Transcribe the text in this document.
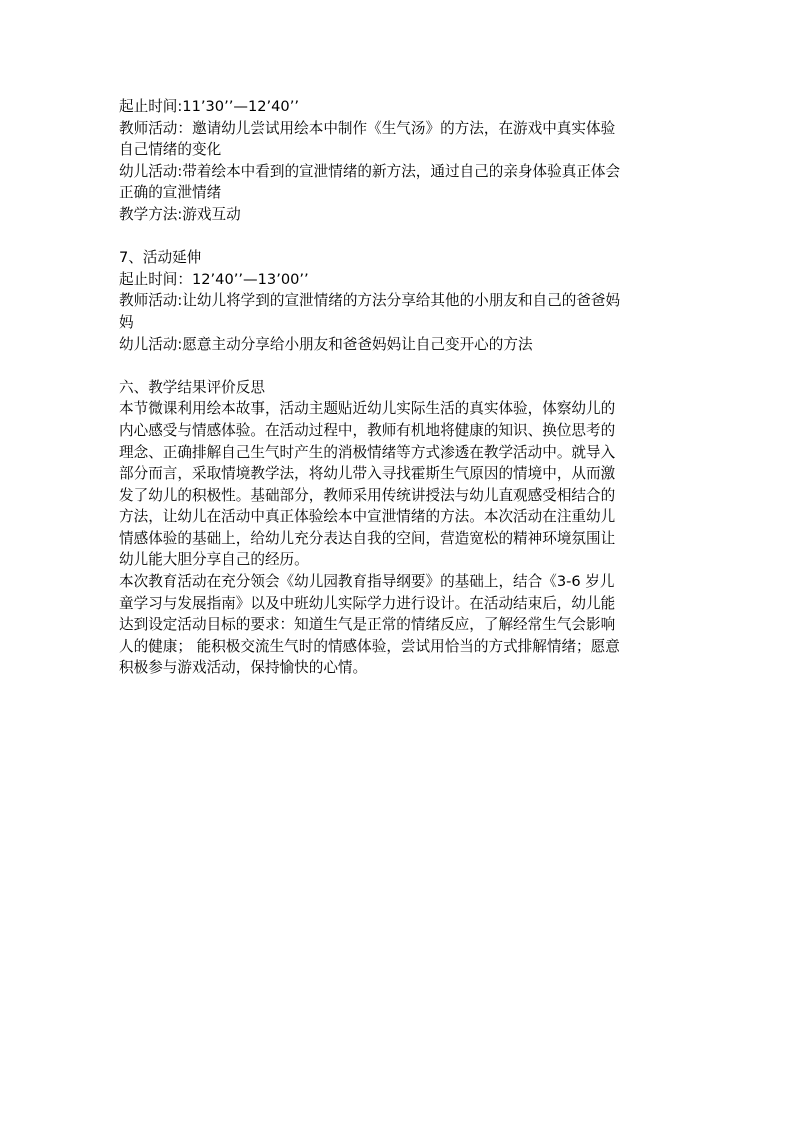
起止时间:11’30’’—12’40’’
教师活动：邀请幼儿尝试用绘本中制作《生气汤》的方法，在游戏中真实体验
自己情绪的变化
幼儿活动:带着绘本中看到的宣泄情绪的新方法，通过自己的亲身体验真正体会
正确的宣泄情绪
教学方法:游戏互动
7、活动延伸
起止时间：12’40’’—13’00’’
教师活动:让幼儿将学到的宣泄情绪的方法分享给其他的小朋友和自己的爸爸妈
妈
幼儿活动:愿意主动分享给小朋友和爸爸妈妈让自己变开心的方法
六、教学结果评价反思
本节微课利用绘本故事，活动主题贴近幼儿实际生活的真实体验，体察幼儿的
内心感受与情感体验。在活动过程中，教师有机地将健康的知识、换位思考的
理念、正确排解自己生气时产生的消极情绪等方式渗透在教学活动中。就导入
部分而言，采取情境教学法，将幼儿带入寻找霍斯生气原因的情境中，从而激
发了幼儿的积极性。基础部分，教师采用传统讲授法与幼儿直观感受相结合的
方法，让幼儿在活动中真正体验绘本中宣泄情绪的方法。本次活动在注重幼儿
情感体验的基础上，给幼儿充分表达自我的空间，营造宽松的精神环境氛围让
幼儿能大胆分享自己的经历。
本次教育活动在充分领会《幼儿园教育指导纲要》的基础上，结合《3-6 岁儿
童学习与发展指南》以及中班幼儿实际学力进行设计。在活动结束后，幼儿能
达到设定活动目标的要求：知道生气是正常的情绪反应，了解经常生气会影响
人的健康； 能积极交流生气时的情感体验，尝试用恰当的方式排解情绪；愿意
积极参与游戏活动，保持愉快的心情。
